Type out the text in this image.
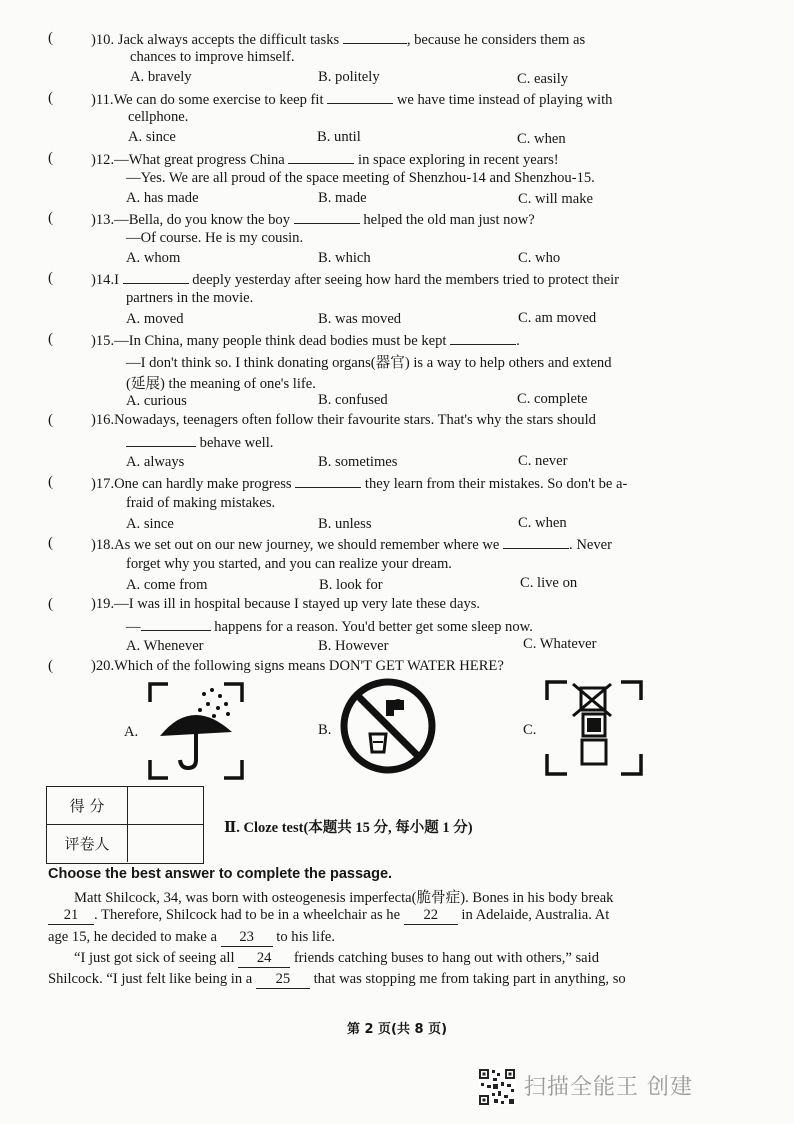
(	)10. Jack always accepts the difficult tasks	, because he considers them as
chances to improve himself.
A. bravely	B. politely	C. easily
(	)11.We can do some exercise to keep fit	we have time instead of playing with
cellphone.
A. since	B. until	C. when
(	)12.—What great progress China	in space exploring in recent years!
—Yes. We are all proud of the space meeting of Shenzhou-14 and Shenzhou-15.
A. has made	B. made	C. will make
(	)13.—Bella, do you know the boy	helped the old man just now?
—Of course. He is my cousin.
A. whom	B. which	C. who
(	)14.I	deeply yesterday after seeing how hard the members tried to protect their
partners in the movie.
A. moved	B. was moved	C. am moved
(	)15.—In China, many people think dead bodies must be kept	.
—I don't think so. I think donating organs(器官) is a way to help others and extend
(延展) the meaning of one's life.
A. curious	B. confused	C. complete
(	)16.Nowadays, teenagers often follow their favourite stars. That's why the stars should
behave well.
A. always	B. sometimes	C. never
(	)17.One can hardly make progress	they learn from their mistakes. So don't be a-
fraid of making mistakes.
A. since	B. unless	C. when
(	)18.As we set out on our new journey, we should remember where we	. Never
forget why you started, and you can realize your dream.
A. come from	B. look for	C. live on
(	)19.—I was ill in hospital because I stayed up very late these days.
—	happens for a reason. You'd better get some sleep now.
A. Whenever	B. However	C. Whatever
(	)20.Which of the following signs means DON'T GET WATER HERE?
A.	B.	C.
得 分
评卷人
Ⅱ. Cloze test(本题共 15 分, 每小题 1 分)
Choose the best answer to complete the passage.
Matt Shilcock, 34, was born with osteogenesis imperfecta(脆骨症). Bones in his body break
21 . Therefore, Shilcock had to be in a wheelchair as he 22 in Adelaide, Australia. At
age 15, he decided to make a 23 to his life.
“I just got sick of seeing all 24 friends catching buses to hang out with others,” said
Shilcock. “I just felt like being in a 25 that was stopping me from taking part in anything, so
第 2 页(共 8 页)
扫描全能王 创建
